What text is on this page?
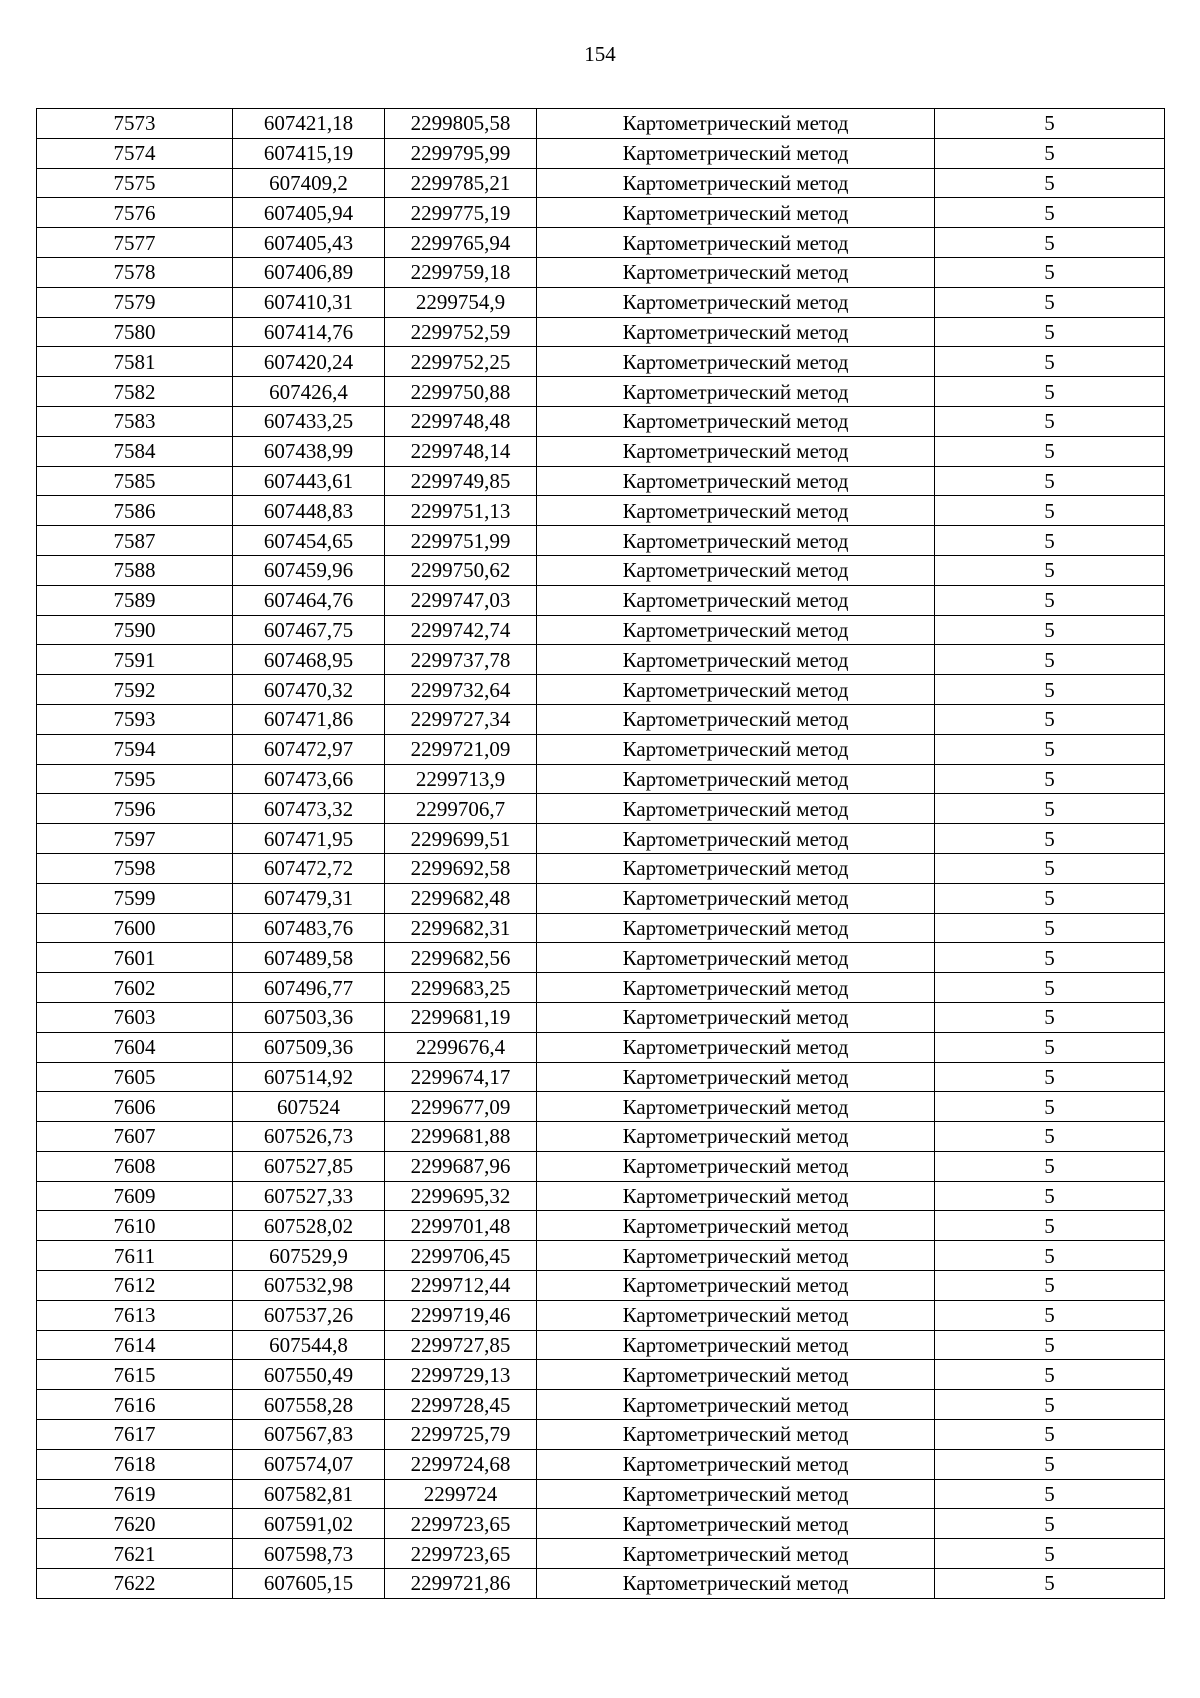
154
7573	607421,18	2299805,58	Картометрический метод	5
7574	607415,19	2299795,99	Картометрический метод	5
7575	607409,2	2299785,21	Картометрический метод	5
7576	607405,94	2299775,19	Картометрический метод	5
7577	607405,43	2299765,94	Картометрический метод	5
7578	607406,89	2299759,18	Картометрический метод	5
7579	607410,31	2299754,9	Картометрический метод	5
7580	607414,76	2299752,59	Картометрический метод	5
7581	607420,24	2299752,25	Картометрический метод	5
7582	607426,4	2299750,88	Картометрический метод	5
7583	607433,25	2299748,48	Картометрический метод	5
7584	607438,99	2299748,14	Картометрический метод	5
7585	607443,61	2299749,85	Картометрический метод	5
7586	607448,83	2299751,13	Картометрический метод	5
7587	607454,65	2299751,99	Картометрический метод	5
7588	607459,96	2299750,62	Картометрический метод	5
7589	607464,76	2299747,03	Картометрический метод	5
7590	607467,75	2299742,74	Картометрический метод	5
7591	607468,95	2299737,78	Картометрический метод	5
7592	607470,32	2299732,64	Картометрический метод	5
7593	607471,86	2299727,34	Картометрический метод	5
7594	607472,97	2299721,09	Картометрический метод	5
7595	607473,66	2299713,9	Картометрический метод	5
7596	607473,32	2299706,7	Картометрический метод	5
7597	607471,95	2299699,51	Картометрический метод	5
7598	607472,72	2299692,58	Картометрический метод	5
7599	607479,31	2299682,48	Картометрический метод	5
7600	607483,76	2299682,31	Картометрический метод	5
7601	607489,58	2299682,56	Картометрический метод	5
7602	607496,77	2299683,25	Картометрический метод	5
7603	607503,36	2299681,19	Картометрический метод	5
7604	607509,36	2299676,4	Картометрический метод	5
7605	607514,92	2299674,17	Картометрический метод	5
7606	607524	2299677,09	Картометрический метод	5
7607	607526,73	2299681,88	Картометрический метод	5
7608	607527,85	2299687,96	Картометрический метод	5
7609	607527,33	2299695,32	Картометрический метод	5
7610	607528,02	2299701,48	Картометрический метод	5
7611	607529,9	2299706,45	Картометрический метод	5
7612	607532,98	2299712,44	Картометрический метод	5
7613	607537,26	2299719,46	Картометрический метод	5
7614	607544,8	2299727,85	Картометрический метод	5
7615	607550,49	2299729,13	Картометрический метод	5
7616	607558,28	2299728,45	Картометрический метод	5
7617	607567,83	2299725,79	Картометрический метод	5
7618	607574,07	2299724,68	Картометрический метод	5
7619	607582,81	2299724	Картометрический метод	5
7620	607591,02	2299723,65	Картометрический метод	5
7621	607598,73	2299723,65	Картометрический метод	5
7622	607605,15	2299721,86	Картометрический метод	5
